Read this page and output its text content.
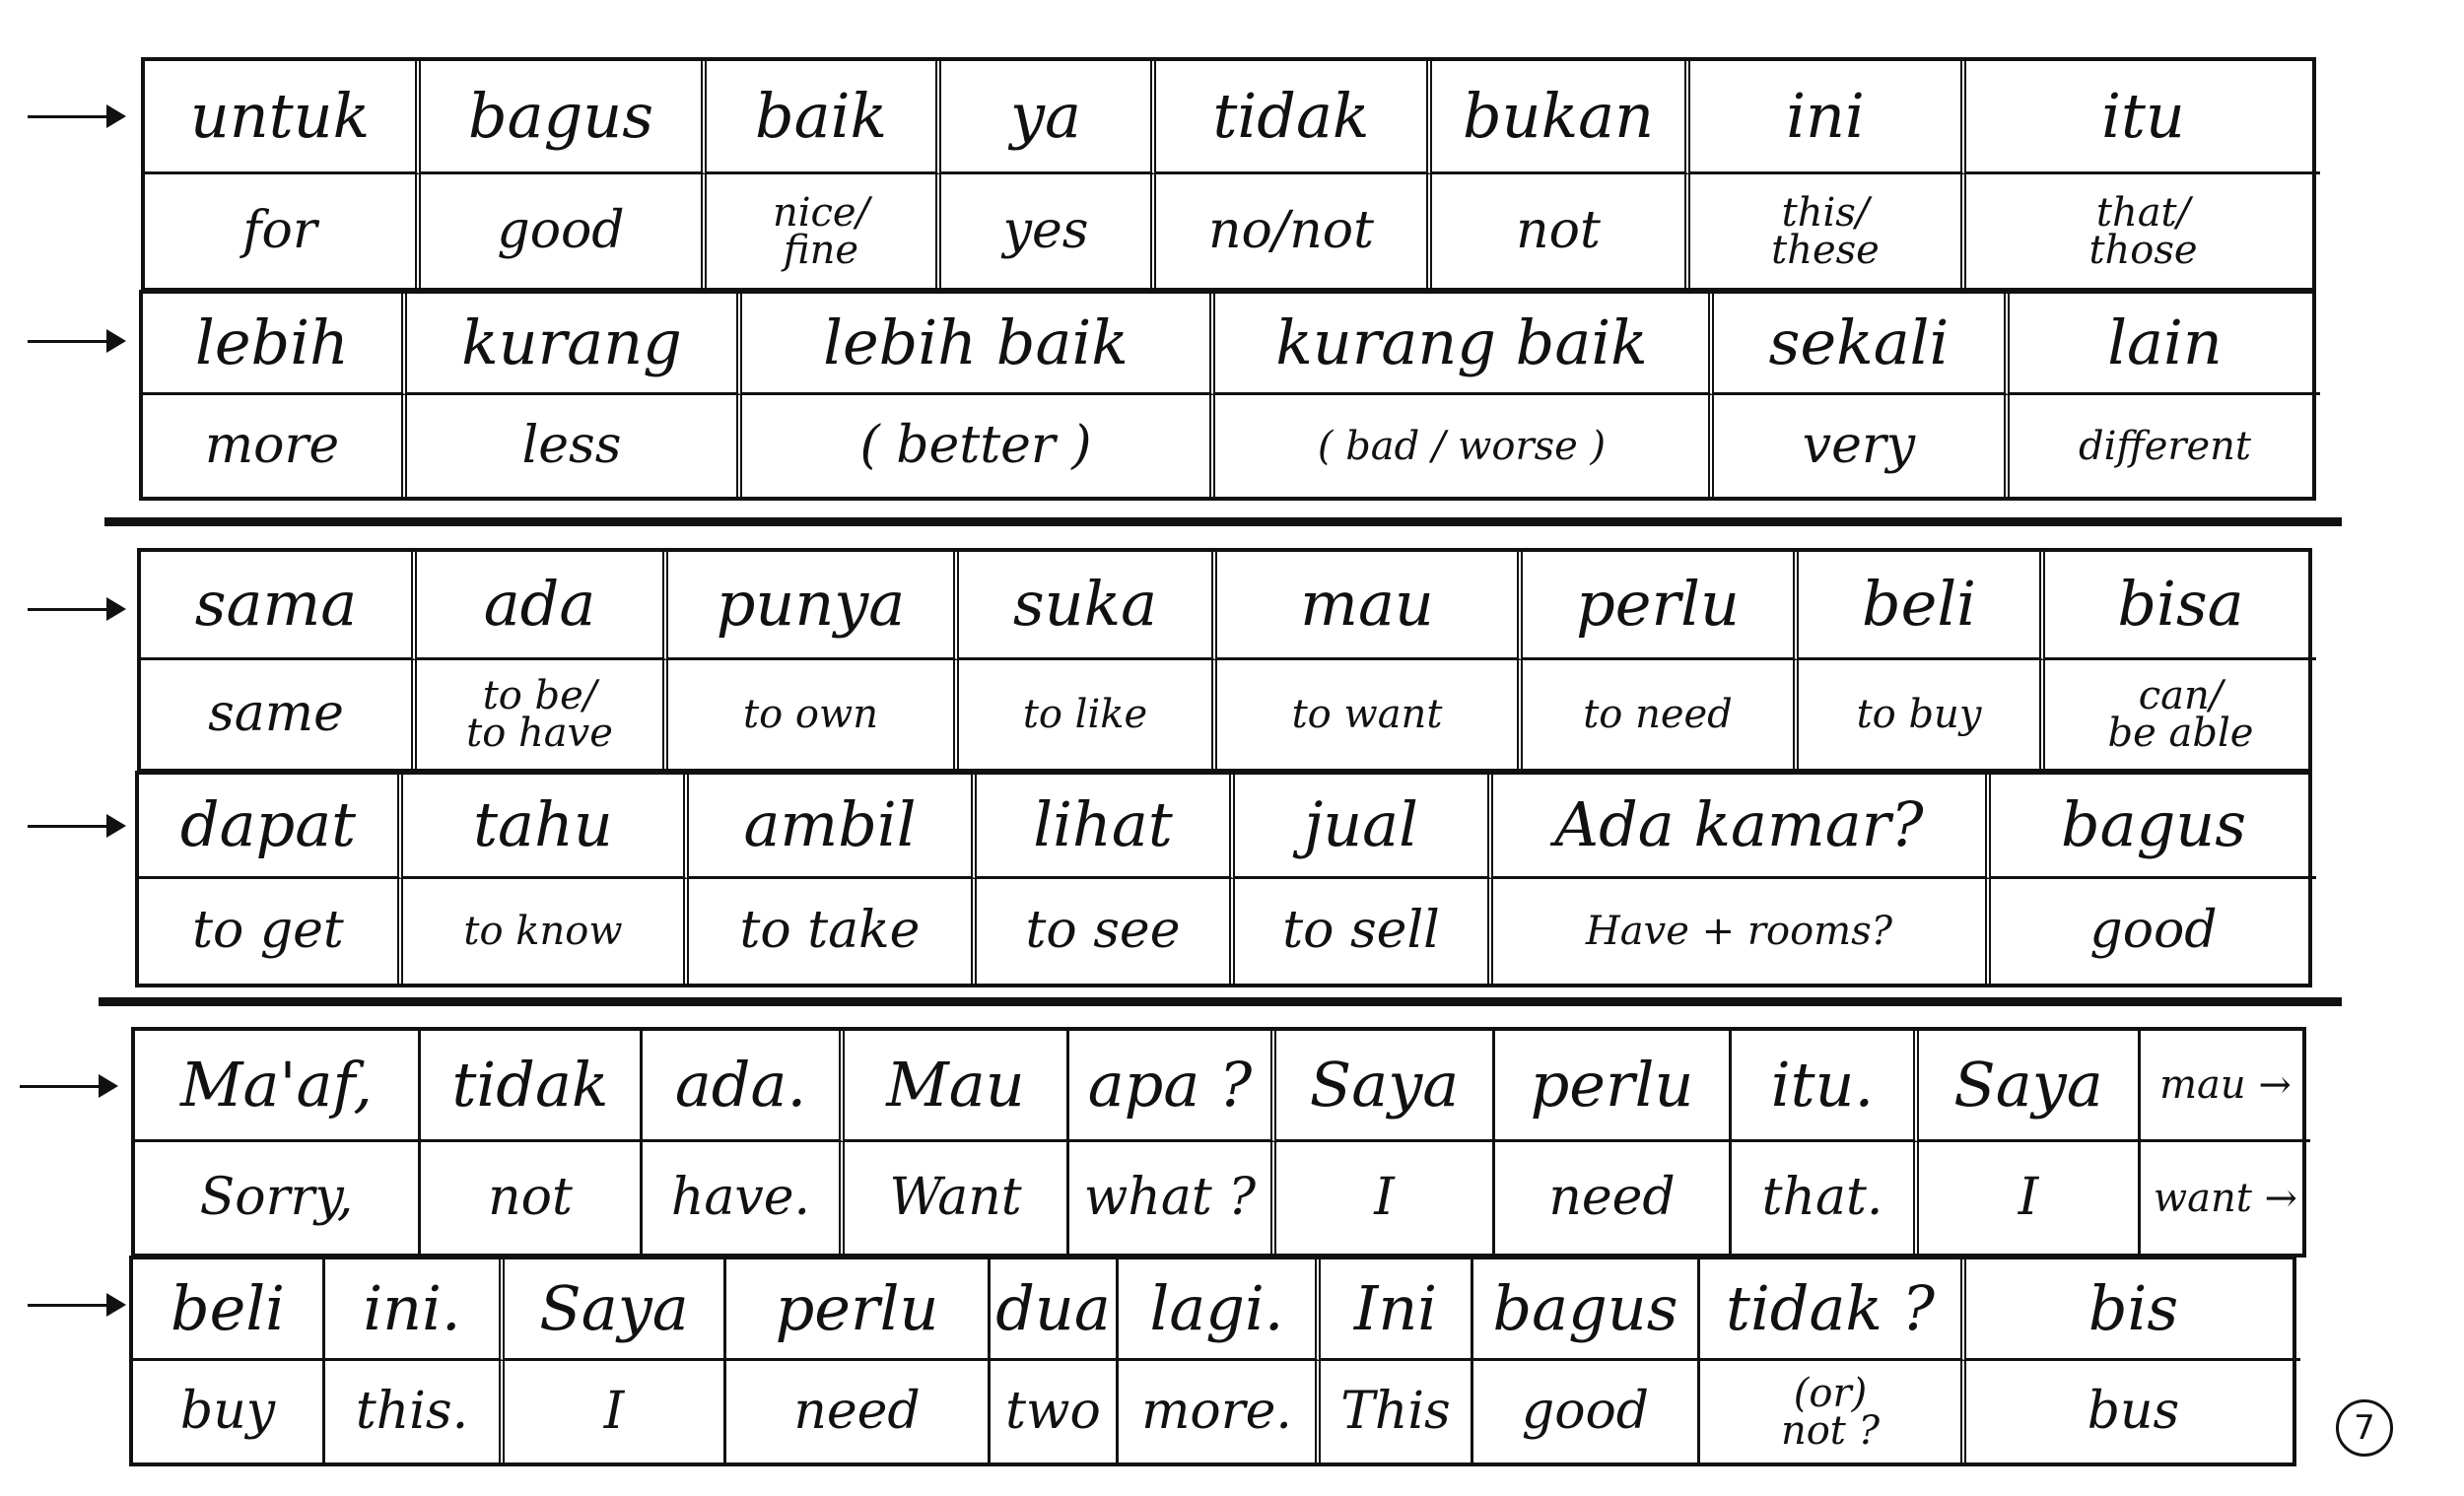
untuk
for
bagus
good
baik
nice/
fine
ya
yes
tidak
no/not
bukan
not
ini
this/
these
itu
that/
those
lebih
more
kurang
less
lebih baik
( better )
kurang baik
( bad / worse )
sekali
very
lain
different
sama
same
ada
to be/
to have
punya
to own
suka
to like
mau
to want
perlu
to need
beli
to buy
bisa
can/
be able
dapat
to get
tahu
to know
ambil
to take
lihat
to see
jual
to sell
Ada kamar?
Have + rooms?
bagus
good
Ma'af,
Sorry,
tidak
not
ada.
have.
Mau
Want
apa ?
what ?
Saya
I
perlu
need
itu.
that.
Saya
I
mau →
want →
beli
buy
ini.
this.
Saya
I
perlu
need
dua
two
lagi.
more.
Ini
This
bagus
good
tidak ?
(or)
not ?
bis
bus	7
